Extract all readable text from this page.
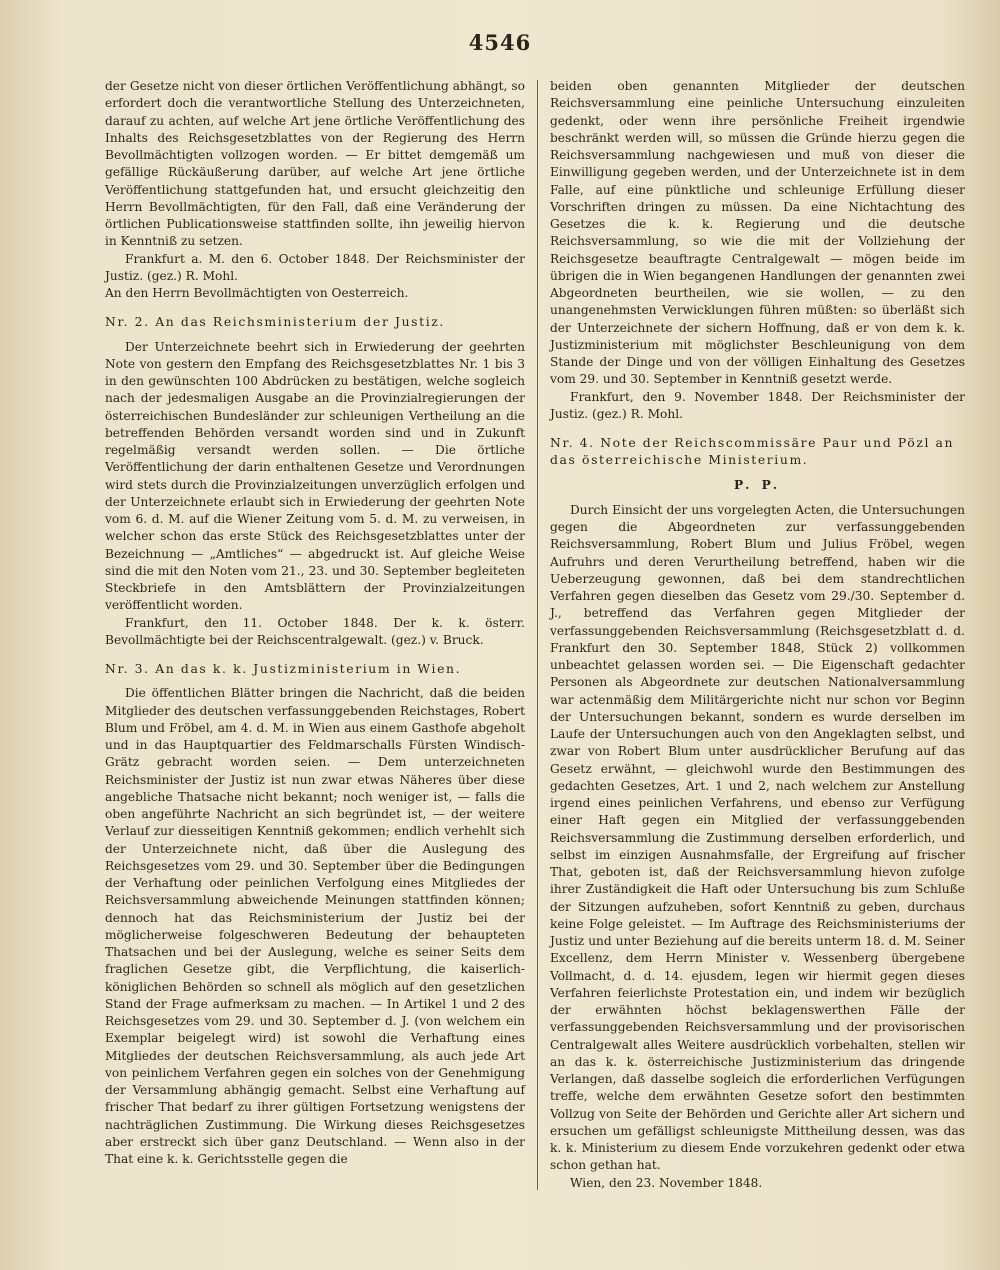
4546

der Gesetze nicht von dieser örtlichen Veröffentlichung abhängt, so erfordert doch die verantwortliche Stellung des Unterzeichneten, darauf zu achten, auf welche Art jene örtliche Veröffentlichung des Inhalts des Reichsgesetzblattes von der Regierung des Herrn Bevollmächtigten vollzogen worden. — Er bittet demgemäß um gefällige Rückäußerung darüber, auf welche Art jene örtliche Veröffentlichung stattgefunden hat, und ersucht gleichzeitig den Herrn Bevollmächtigten, für den Fall, daß eine Veränderung der örtlichen Publicationsweise stattfinden sollte, ihn jeweilig hiervon in Kenntniß zu setzen.

Frankfurt a. M. den 6. October 1848. Der Reichsminister der Justiz. (gez.) R. Mohl.

An den Herrn Bevollmächtigten von Oesterreich.

Nr. 2. An das Reichsministerium der Justiz.

Der Unterzeichnete beehrt sich in Erwiederung der geehrten Note von gestern den Empfang des Reichsgesetzblattes Nr. 1 bis 3 in den gewünschten 100 Abdrücken zu bestätigen, welche sogleich nach der jedesmaligen Ausgabe an die Provinzialregierungen der österreichischen Bundesländer zur schleunigen Vertheilung an die betreffenden Behörden versandt worden sind und in Zukunft regelmäßig versandt werden sollen. — Die örtliche Veröffentlichung der darin enthaltenen Gesetze und Verordnungen wird stets durch die Provinzialzeitungen unverzüglich erfolgen und der Unterzeichnete erlaubt sich in Erwiederung der geehrten Note vom 6. d. M. auf die Wiener Zeitung vom 5. d. M. zu verweisen, in welcher schon das erste Stück des Reichsgesetzblattes unter der Bezeichnung — „Amtliches“ — abgedruckt ist. Auf gleiche Weise sind die mit den Noten vom 21., 23. und 30. September begleiteten Steckbriefe in den Amtsblättern der Provinzialzeitungen veröffentlicht worden.

Frankfurt, den 11. October 1848. Der k. k. österr. Bevollmächtigte bei der Reichscentralgewalt. (gez.) v. Bruck.

Nr. 3. An das k. k. Justizministerium in Wien.

Die öffentlichen Blätter bringen die Nachricht, daß die beiden Mitglieder des deutschen verfassunggebenden Reichstages, Robert Blum und Fröbel, am 4. d. M. in Wien aus einem Gasthofe abgeholt und in das Hauptquartier des Feldmarschalls Fürsten Windisch-Grätz gebracht worden seien. — Dem unterzeichneten Reichsminister der Justiz ist nun zwar etwas Näheres über diese angebliche Thatsache nicht bekannt; noch weniger ist, — falls die oben angeführte Nachricht an sich begründet ist, — der weitere Verlauf zur diesseitigen Kenntniß gekommen; endlich verhehlt sich der Unterzeichnete nicht, daß über die Auslegung des Reichsgesetzes vom 29. und 30. September über die Bedingungen der Verhaftung oder peinlichen Verfolgung eines Mitgliedes der Reichsversammlung abweichende Meinungen stattfinden können; dennoch hat das Reichsministerium der Justiz bei der möglicherweise folgeschweren Bedeutung der behaupteten Thatsachen und bei der Auslegung, welche es seiner Seits dem fraglichen Gesetze gibt, die Verpflichtung, die kaiserlich-königlichen Behörden so schnell als möglich auf den gesetzlichen Stand der Frage aufmerksam zu machen. — In Artikel 1 und 2 des Reichsgesetzes vom 29. und 30. September d. J. (von welchem ein Exemplar beigelegt wird) ist sowohl die Verhaftung eines Mitgliedes der deutschen Reichsversammlung, als auch jede Art von peinlichem Verfahren gegen ein solches von der Genehmigung der Versammlung abhängig gemacht. Selbst eine Verhaftung auf frischer That bedarf zu ihrer gültigen Fortsetzung wenigstens der nachträglichen Zustimmung. Die Wirkung dieses Reichsgesetzes aber erstreckt sich über ganz Deutschland. — Wenn also in der That eine k. k. Gerichtsstelle gegen die

beiden oben genannten Mitglieder der deutschen Reichsversammlung eine peinliche Untersuchung einzuleiten gedenkt, oder wenn ihre persönliche Freiheit irgendwie beschränkt werden will, so müssen die Gründe hierzu gegen die Reichsversammlung nachgewiesen und muß von dieser die Einwilligung gegeben werden, und der Unterzeichnete ist in dem Falle, auf eine pünktliche und schleunige Erfüllung dieser Vorschriften dringen zu müssen. Da eine Nichtachtung des Gesetzes die k. k. Regierung und die deutsche Reichsversammlung, so wie die mit der Vollziehung der Reichsgesetze beauftragte Centralgewalt — mögen beide im übrigen die in Wien begangenen Handlungen der genannten zwei Abgeordneten beurtheilen, wie sie wollen, — zu den unangenehmsten Verwicklungen führen müßten: so überläßt sich der Unterzeichnete der sichern Hoffnung, daß er von dem k. k. Justizministerium mit möglichster Beschleunigung von dem Stande der Dinge und von der völligen Einhaltung des Gesetzes vom 29. und 30. September in Kenntniß gesetzt werde.

Frankfurt, den 9. November 1848. Der Reichsminister der Justiz. (gez.) R. Mohl.

Nr. 4. Note der Reichscommissäre Paur und Pözl an das österreichische Ministerium.
P. P.

Durch Einsicht der uns vorgelegten Acten, die Untersuchungen gegen die Abgeordneten zur verfassunggebenden Reichsversammlung, Robert Blum und Julius Fröbel, wegen Aufruhrs und deren Verurtheilung betreffend, haben wir die Ueberzeugung gewonnen, daß bei dem standrechtlichen Verfahren gegen dieselben das Gesetz vom 29./30. September d. J., betreffend das Verfahren gegen Mitglieder der verfassunggebenden Reichsversammlung (Reichsgesetzblatt d. d. Frankfurt den 30. September 1848, Stück 2) vollkommen unbeachtet gelassen worden sei. — Die Eigenschaft gedachter Personen als Abgeordnete zur deutschen Nationalversammlung war actenmäßig dem Militärgerichte nicht nur schon vor Beginn der Untersuchungen bekannt, sondern es wurde derselben im Laufe der Untersuchungen auch von den Angeklagten selbst, und zwar von Robert Blum unter ausdrücklicher Berufung auf das Gesetz erwähnt, — gleichwohl wurde den Bestimmungen des gedachten Gesetzes, Art. 1 und 2, nach welchem zur Anstellung irgend eines peinlichen Verfahrens, und ebenso zur Verfügung einer Haft gegen ein Mitglied der verfassunggebenden Reichsversammlung die Zustimmung derselben erforderlich, und selbst im einzigen Ausnahmsfalle, der Ergreifung auf frischer That, geboten ist, daß der Reichsversammlung hievon zufolge ihrer Zuständigkeit die Haft oder Untersuchung bis zum Schluße der Sitzungen aufzuheben, sofort Kenntniß zu geben, durchaus keine Folge geleistet. — Im Auftrage des Reichsministeriums der Justiz und unter Beziehung auf die bereits unterm 18. d. M. Seiner Excellenz, dem Herrn Minister v. Wessenberg übergebene Vollmacht, d. d. 14. ejusdem, legen wir hiermit gegen dieses Verfahren feierlichste Protestation ein, und indem wir bezüglich der erwähnten höchst beklagenswerthen Fälle der verfassunggebenden Reichsversammlung und der provisorischen Centralgewalt alles Weitere ausdrücklich vorbehalten, stellen wir an das k. k. österreichische Justizministerium das dringende Verlangen, daß dasselbe sogleich die erforderlichen Verfügungen treffe, welche dem erwähnten Gesetze sofort den bestimmten Vollzug von Seite der Behörden und Gerichte aller Art sichern und ersuchen um gefälligst schleunigste Mittheilung dessen, was das k. k. Ministerium zu diesem Ende vorzukehren gedenkt oder etwa schon gethan hat.

Wien, den 23. November 1848.
